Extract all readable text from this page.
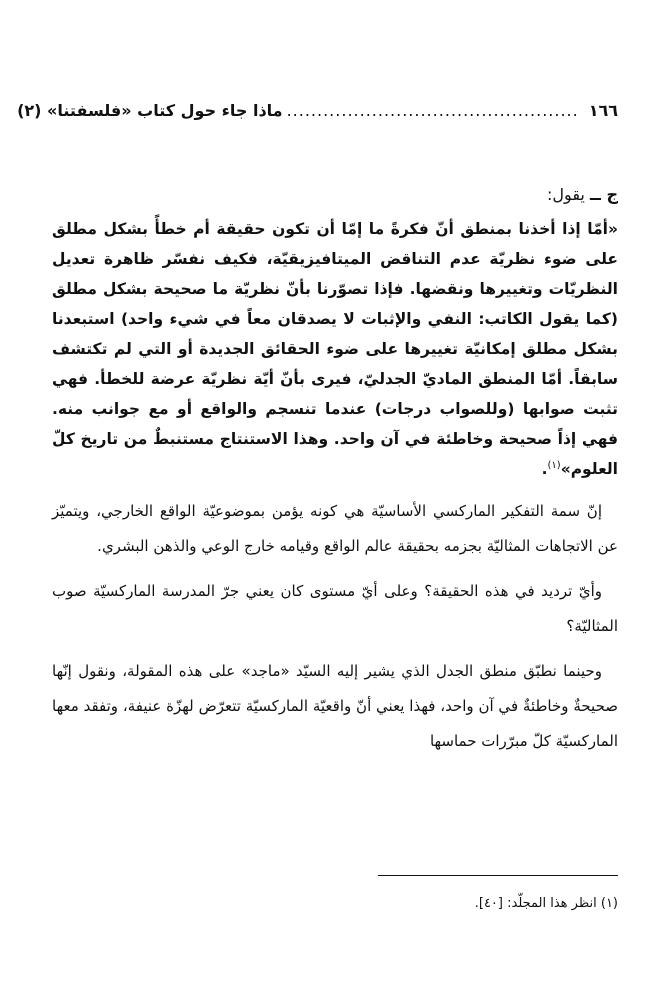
١٦٦
................................................
ماذا جاء حول كتاب «فلسفتنا» (٢)

ج ــ يقول:

«أمّا إذا أخذنا بمنطق أنّ فكرةً ما إمّا أن تكون حقيقة أم خطأً بشكل مطلق على ضوء نظريّة عدم التناقض الميتافيزيقيّة، فكيف نفسّر ظاهرة تعديل النظريّات وتغييرها ونقضها. فإذا تصوّرنا بأنّ نظريّة ما صحيحة بشكل مطلق (كما يقول الكاتب: النفي والإثبات لا يصدقان معاً في شيء واحد) استبعدنا بشكل مطلق إمكانيّة تغييرها على ضوء الحقائق الجديدة أو التي لم تكتشف سابقاً. أمّا المنطق الماديّ الجدليّ، فيرى بأنّ أيّة نظريّة عرضة للخطأ. فهي تثبت صوابها (وللصواب درجات) عندما تنسجم والواقع أو مع جوانب منه. فهي إذاً صحيحة وخاطئة في آن واحد. وهذا الاستنتاج مستنبطٌ من تاريخ كلّ العلوم»$^{(١)}$.

إنّ سمة التفكير الماركسي الأساسيّة هي كونه يؤمن بموضوعيّة الواقع الخارجي، ويتميّز عن الاتجاهات المثاليّة بجزمه بحقيقة عالم الواقع وقيامه خارج الوعي والذهن البشري.

وأيّ ترديد في هذه الحقيقة؟ وعلى أيّ مستوى كان يعني جرّ المدرسة الماركسيّة صوب المثاليّة؟

وحينما نطبّق منطق الجدل الذي يشير إليه السيّد «ماجد» على هذه المقولة، ونقول إنّها صحيحةٌ وخاطئةٌ في آن واحد، فهذا يعني أنّ واقعيّة الماركسيّة تتعرّض لهزّة عنيفة، وتفقد معها الماركسيّة كلّ مبرّرات حماسها

(١) انظر هذا المجلّد: [٤٠].
